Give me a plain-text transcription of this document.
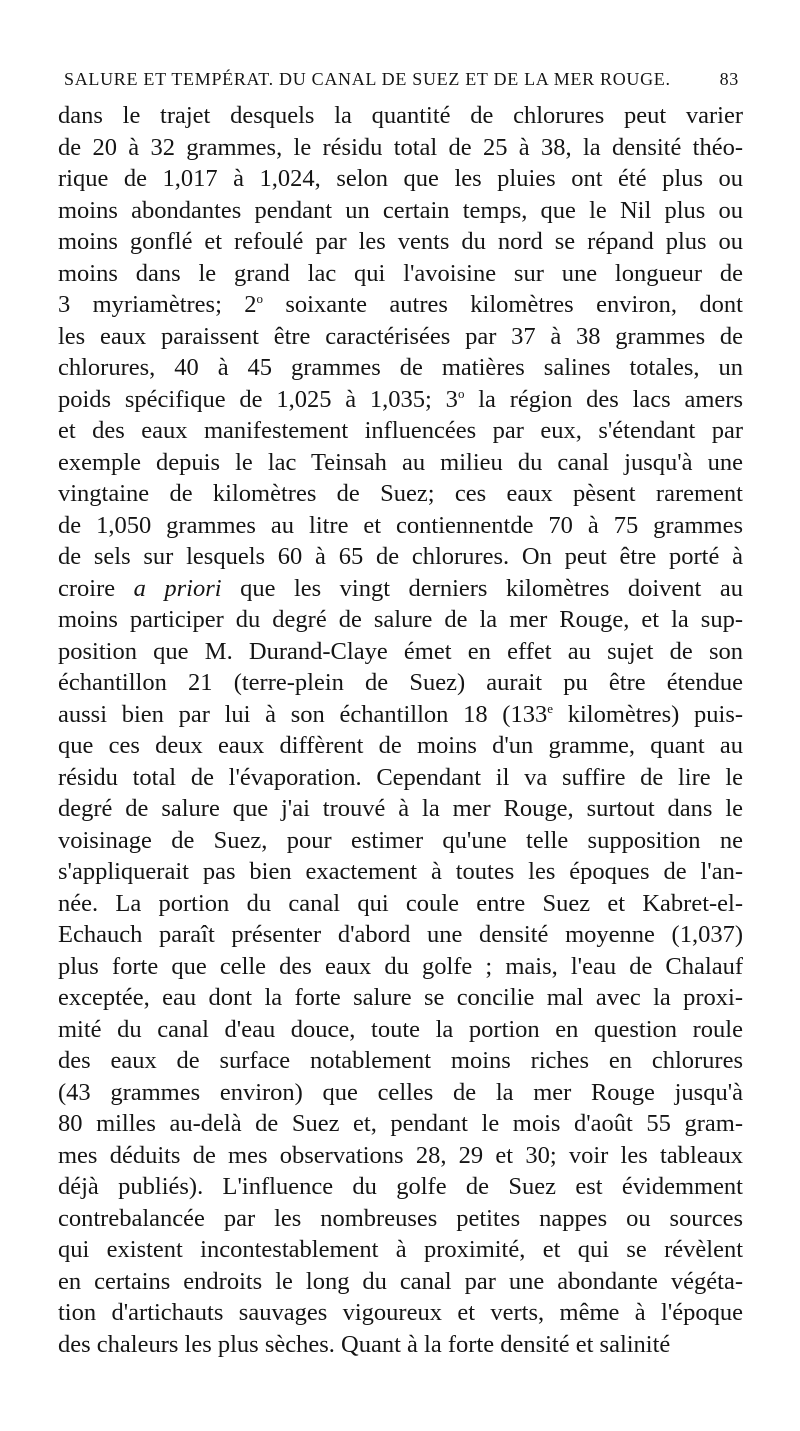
SALURE ET TEMPÉRAT. DU CANAL DE SUEZ ET DE LA MER ROUGE.	83
dans le trajet desquels la quantité de chlorures peut varier
de 20 à 32 grammes, le résidu total de 25 à 38, la densité théo-
rique de 1,017 à 1,024, selon que les pluies ont été plus ou
moins abondantes pendant un certain temps, que le Nil plus ou
moins gonflé et refoulé par les vents du nord se répand plus ou
moins dans le grand lac qui l'avoisine sur une longueur de
3 myriamètres; 2$^o$ soixante autres kilomètres environ, dont
les eaux paraissent être caractérisées par 37 à 38 grammes de
chlorures, 40 à 45 grammes de matières salines totales, un
poids spécifique de 1,025 à 1,035; 3$^o$ la région des lacs amers
et des eaux manifestement influencées par eux, s'étendant par
exemple depuis le lac Teinsah au milieu du canal jusqu'à une
vingtaine de kilomètres de Suez; ces eaux pèsent rarement
de 1,050 grammes au litre et contiennentde 70 à 75 grammes
de sels sur lesquels 60 à 65 de chlorures. On peut être porté à
croire a priori que les vingt derniers kilomètres doivent au
moins participer du degré de salure de la mer Rouge, et la sup-
position que M. Durand-Claye émet en effet au sujet de son
échantillon 21 (terre-plein de Suez) aurait pu être étendue
aussi bien par lui à son échantillon 18 (133e kilomètres) puis-
que ces deux eaux diffèrent de moins d'un gramme, quant au
résidu total de l'évaporation. Cependant il va suffire de lire le
degré de salure que j'ai trouvé à la mer Rouge, surtout dans le
voisinage de Suez, pour estimer qu'une telle supposition ne
s'appliquerait pas bien exactement à toutes les époques de l'an-
née. La portion du canal qui coule entre Suez et Kabret-el-
Echauch paraît présenter d'abord une densité moyenne (1,037)
plus forte que celle des eaux du golfe ; mais, l'eau de Chalauf
exceptée, eau dont la forte salure se concilie mal avec la proxi-
mité du canal d'eau douce, toute la portion en question roule
des eaux de surface notablement moins riches en chlorures
(43 grammes environ) que celles de la mer Rouge jusqu'à
80 milles au-delà de Suez et, pendant le mois d'août 55 gram-
mes déduits de mes observations 28, 29 et 30; voir les tableaux
déjà publiés). L'influence du golfe de Suez est évidemment
contrebalancée par les nombreuses petites nappes ou sources
qui existent incontestablement à proximité, et qui se révèlent
en certains endroits le long du canal par une abondante végéta-
tion d'artichauts sauvages vigoureux et verts, même à l'époque
des chaleurs les plus sèches. Quant à la forte densité et salinité
